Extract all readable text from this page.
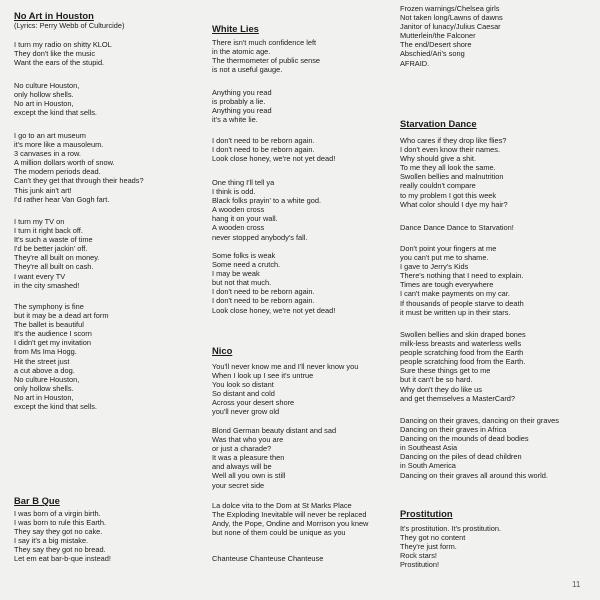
No Art in Houston
(Lyrics: Perry Webb of Culturcide)
I turn my radio on shitty KLOL
They don't like the music
Want the ears of the stupid.
No culture Houston,
only hollow shells.
No art in Houston,
except the kind that sells.
I go to an art museum
it's more like a mausoleum.
3 canvases in a row.
A million dollars worth of snow.
The modern periods dead.
Can't they get that through their heads?
This junk ain't art!
I'd rather hear Van Gogh fart.
I turn my TV on
I turn it right back off.
It's such a waste of time
I'd be better jackin' off.
They're all built on money.
They're all built on cash.
I want every TV
in the city smashed!
The symphony is fine
but it may be a dead art form
The ballet is beautiful
It's the audience I scorn
I didn't get my invitation
from Ms Ima Hogg.
Hit the street just
a cut above a dog.
No culture Houston,
only hollow shells.
No art in Houston,
except the kind that sells.
Bar B Que
I was born of a virgin birth.
I was born to rule this Earth.
They say they got no cake.
I say it's a big mistake.
They say they got no bread.
Let em eat bar-b-que instead!
White Lies
There isn't much confidence left
in the atomic age.
The thermometer of public sense
is not a useful gauge.
Anything you read
is probably a lie.
Anything you read
it's a white lie.
I don't need to be reborn again.
I don't need to be reborn again.
Look close honey, we're not yet dead!
One thing I'll tell ya
I think is odd.
Black folks prayin' to a white god.
A wooden cross
hang it on your wall.
A wooden cross
never stopped anybody's fall.
Some folks is weak
Some need a crutch.
I may be weak
but not that much.
I don't need to be reborn again.
I don't need to be reborn again.
Look close honey, we're not yet dead!
Nico
You'll never know me and I'll never know you
When I look up I see it's untrue
You look so distant
So distant and cold
Across your desert shore
you'll never grow old
Blond German beauty distant and sad
Was that who you are
or just a charade?
It was a pleasure then
and always will be
Well all you own is still
your secret side
La dolce vita to the Dom at St Marks Place
The Exploding Inevitable will never be replaced
Andy, the Pope, Ondine and Morrison you knew
but none of them could be unique as you
Chanteuse Chanteuse Chanteuse
Frozen warnings/Chelsea girls
Not taken long/Lawns of dawns
Janitor of lunacy/Julius Caesar
Mutterlein/the Falconer
The end/Desert shore
Abschied/Ari's song
AFRAID.
Starvation Dance
Who cares if they drop like flies?
I don't even know their names.
Why should give a shit.
To me they all look the same.
Swollen bellies and malnutrition
really couldn't compare
to my problem I got this week
What color should I dye my hair?
Dance Dance Dance to Starvation!
Don't point your fingers at me
you can't put me to shame.
I gave to Jerry's Kids
There's nothing that I need to explain.
Times are tough everywhere
I can't make payments on my car.
If thousands of people starve to death
it must be written up in their stars.
Swollen bellies and skin draped bones
milk-less breasts and waterless wells
people scratching food from the Earth
people scratching food from the Earth.
Sure these things get to me
but it can't be so hard.
Why don't they do like us
and get themselves a MasterCard?
Dancing on their graves, dancing on their graves
Dancing on their graves in Africa
Dancing on the mounds of dead bodies
in Southeast Asia
Dancing on the piles of dead children
in South America
Dancing on their graves all around this world.
Prostitution
It's prostitution. It's prostitution.
They got no content
They're just form.
Rock stars!
Prostitution!
11
